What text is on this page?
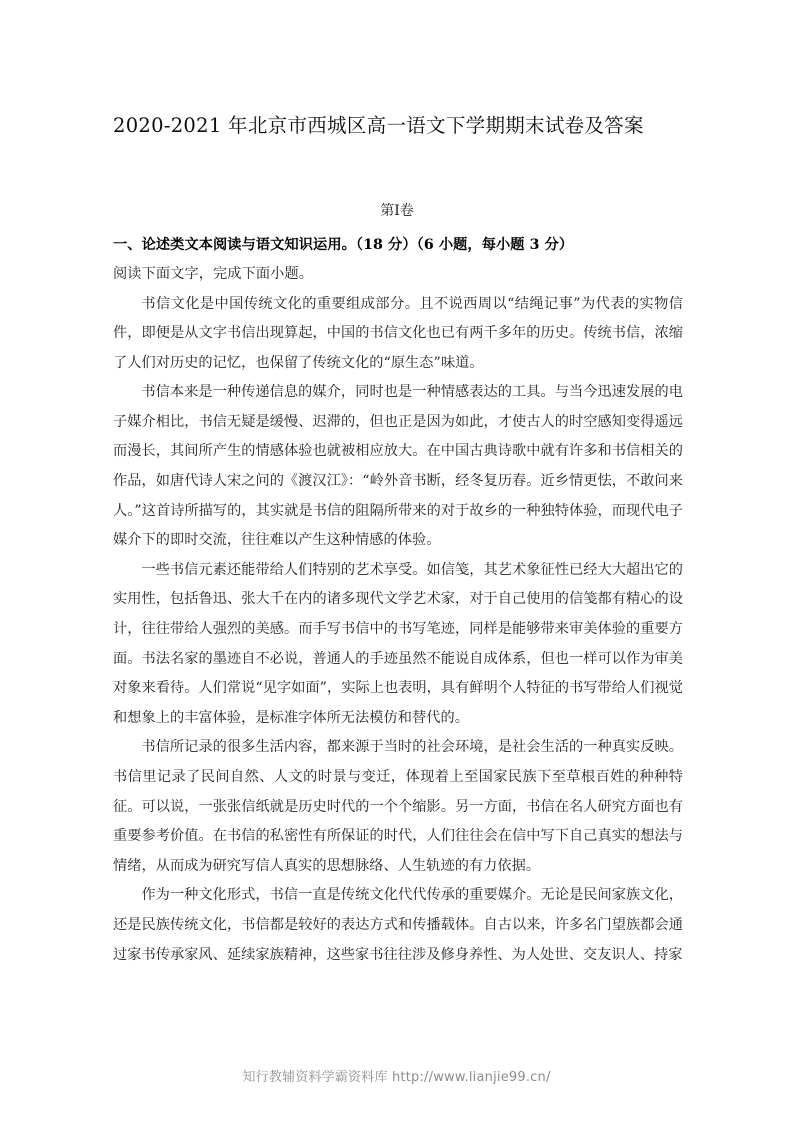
2020-2021 年北京市西城区高一语文下学期期末试卷及答案
第Ⅰ卷
一、论述类文本阅读与语文知识运用。（18 分）（6 小题，每小题 3 分）
阅读下面文字，完成下面小题。

书信文化是中国传统文化的重要组成部分。且不说西周以“结绳记事”为代表的实物信件，即便是从文字书信出现算起，中国的书信文化也已有两千多年的历史。传统书信，浓缩了人们对历史的记忆，也保留了传统文化的“原生态”味道。

书信本来是一种传递信息的媒介，同时也是一种情感表达的工具。与当今迅速发展的电子媒介相比，书信无疑是缓慢、迟滞的，但也正是因为如此，才使古人的时空感知变得遥远而漫长，其间所产生的情感体验也就被相应放大。在中国古典诗歌中就有许多和书信相关的作品，如唐代诗人宋之问的《渡汉江》：“岭外音书断，经冬复历春。近乡情更怯，不敢问来人。”这首诗所描写的，其实就是书信的阻隔所带来的对于故乡的一种独特体验，而现代电子媒介下的即时交流，往往难以产生这种情感的体验。

一些书信元素还能带给人们特别的艺术享受。如信笺，其艺术象征性已经大大超出它的实用性，包括鲁迅、张大千在内的诸多现代文学艺术家，对于自己使用的信笺都有精心的设计，往往带给人强烈的美感。而手写书信中的书写笔迹，同样是能够带来审美体验的重要方面。书法名家的墨迹自不必说，普通人的手迹虽然不能说自成体系，但也一样可以作为审美对象来看待。人们常说“见字如面”，实际上也表明，具有鲜明个人特征的书写带给人们视觉和想象上的丰富体验，是标准字体所无法模仿和替代的。

书信所记录的很多生活内容，都来源于当时的社会环境，是社会生活的一种真实反映。书信里记录了民间自然、人文的时景与变迁，体现着上至国家民族下至草根百姓的种种特征。可以说，一张张信纸就是历史时代的一个个缩影。另一方面，书信在名人研究方面也有重要参考价值。在书信的私密性有所保证的时代，人们往往会在信中写下自己真实的想法与情绪，从而成为研究写信人真实的思想脉络、人生轨迹的有力依据。

作为一种文化形式，书信一直是传统文化代代传承的重要媒介。无论是民间家族文化，还是民族传统文化，书信都是较好的表达方式和传播载体。自古以来，许多名门望族都会通过家书传承家风、延续家族精神，这些家书往往涉及修身养性、为人处世、交友识人、持家

知行教辅资料学霸资料库 http://www.lianjie99.cn/
